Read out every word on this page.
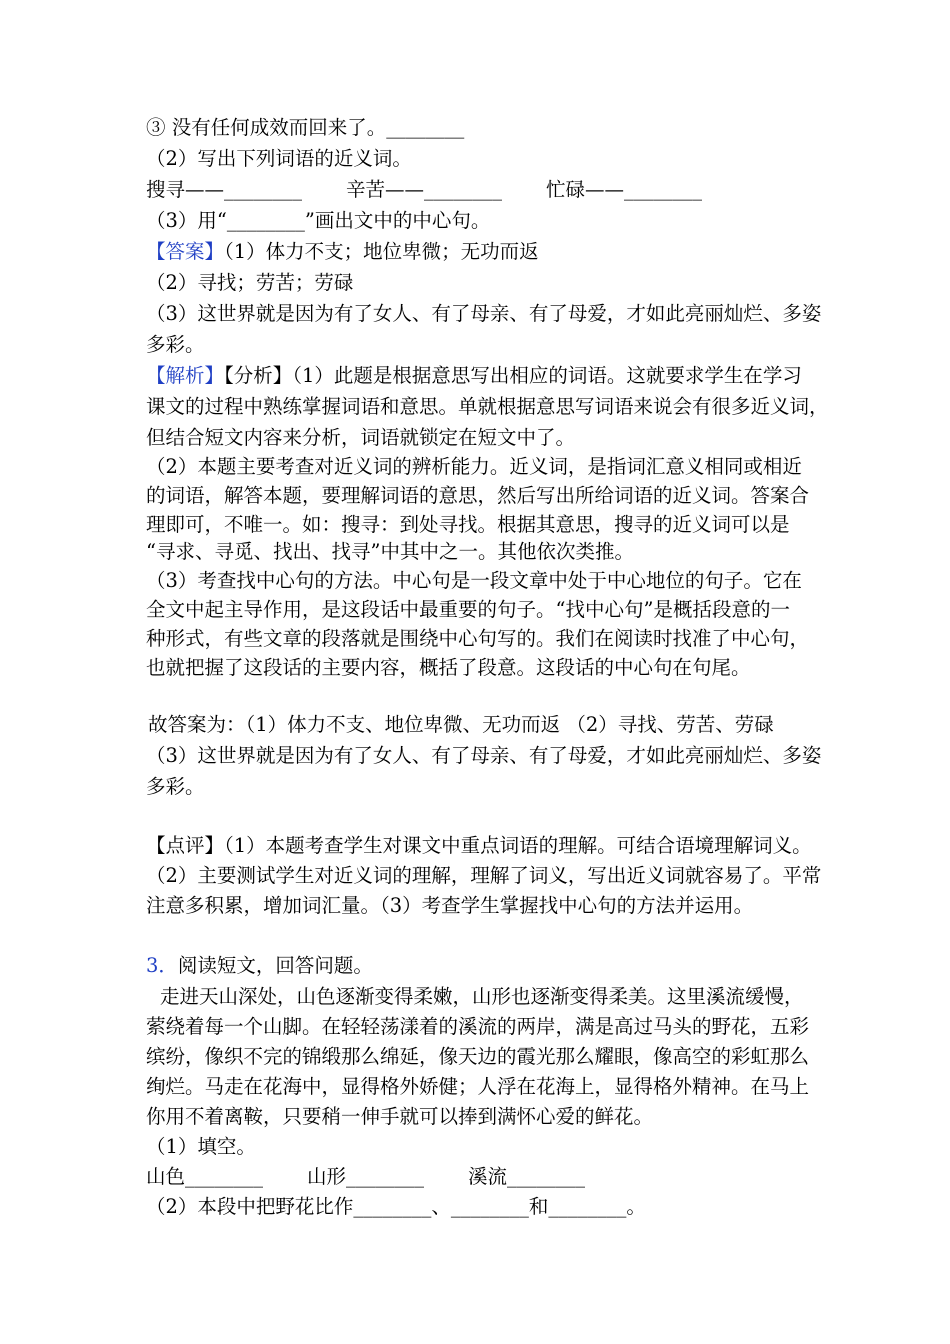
③ 没有任何成效而回来了。________
（2）写出下列词语的近义词。
搜寻——________ 辛苦——________ 忙碌——________
（3）用“________”画出文中的中心句。
【答案】（1）体力不支；地位卑微；无功而返
（2）寻找；劳苦；劳碌
（3）这世界就是因为有了女人、有了母亲、有了母爱，才如此亮丽灿烂、多姿
多彩。
【解析】【分析】（1）此题是根据意思写出相应的词语。这就要求学生在学习
课文的过程中熟练掌握词语和意思。单就根据意思写词语来说会有很多近义词，
但结合短文内容来分析，词语就锁定在短文中了。
（2）本题主要考查对近义词的辨析能力。近义词，是指词汇意义相同或相近
的词语，解答本题，要理解词语的意思，然后写出所给词语的近义词。答案合
理即可，不唯一。如：搜寻：到处寻找。根据其意思，搜寻的近义词可以是
“寻求、寻觅、找出、找寻”中其中之一。其他依次类推。
（3）考查找中心句的方法。中心句是一段文章中处于中心地位的句子。它在
全文中起主导作用，是这段话中最重要的句子。“找中心句”是概括段意的一
种形式，有些文章的段落就是围绕中心句写的。我们在阅读时找准了中心句，
也就把握了这段话的主要内容，概括了段意。这段话的中心句在句尾。
故答案为：（1）体力不支、地位卑微、无功而返 （2）寻找、劳苦、劳碌
（3）这世界就是因为有了女人、有了母亲、有了母爱，才如此亮丽灿烂、多姿
多彩。
【点评】（1）本题考查学生对课文中重点词语的理解。可结合语境理解词义。
（2）主要测试学生对近义词的理解，理解了词义，写出近义词就容易了。平常
注意多积累，增加词汇量。（3）考查学生掌握找中心句的方法并运用。
3．阅读短文，回答问题。
走进天山深处，山色逐渐变得柔嫩，山形也逐渐变得柔美。这里溪流缓慢，
萦绕着每一个山脚。在轻轻荡漾着的溪流的两岸，满是高过马头的野花，五彩
缤纷，像织不完的锦缎那么绵延，像天边的霞光那么耀眼，像高空的彩虹那么
绚烂。马走在花海中，显得格外娇健；人浮在花海上，显得格外精神。在马上
你用不着离鞍，只要稍一伸手就可以捧到满怀心爱的鲜花。
（1）填空。
山色________ 山形________ 溪流________
（2）本段中把野花比作________、________和________。
